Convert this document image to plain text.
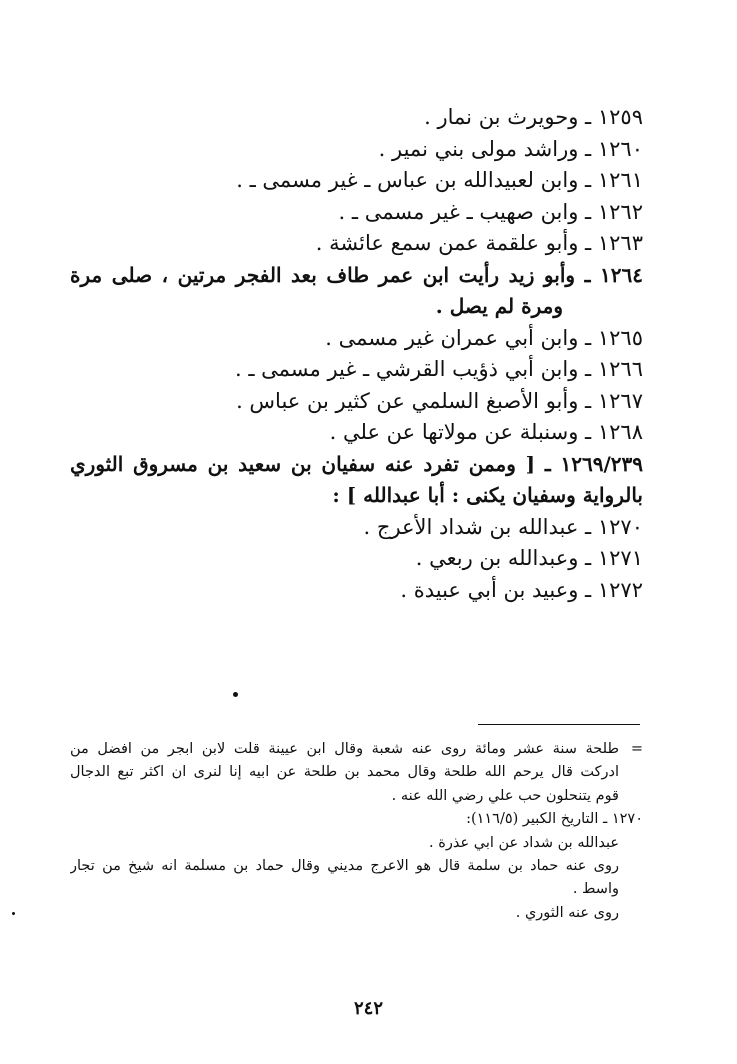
١٢٥٩ ـ وحويرث بن نمار .
١٢٦٠ ـ وراشد مولى بني نمير .
١٢٦١ ـ وابن لعبيدالله بن عباس ـ غير مسمى ـ .
١٢٦٢ ـ وابن صهيب ـ غير مسمى ـ .
١٢٦٣ ـ وأبو علقمة عمن سمع عائشة .
١٢٦٤ ـ وأبو زيد رأيت ابن عمر طاف بعد الفجر مرتين ، صلى مرة
ومرة لم يصل .
١٢٦٥ ـ وابن أبي عمران غير مسمى .
١٢٦٦ ـ وابن أبي ذؤيب القرشي ـ غير مسمى ـ .
١٢٦٧ ـ وأبو الأصبغ السلمي عن كثير بن عباس .
١٢٦٨ ـ وسنبلة عن مولاتها عن علي .
١٢٦٩/٢٣٩ ـ [ وممن تفرد عنه سفيان بن سعيد بن مسروق الثوري
بالرواية وسفيان يكنى : أبا عبدالله ] :
١٢٧٠ ـ عبدالله بن شداد الأعرج .
١٢٧١ ـ وعبدالله بن ربعي .
١٢٧٢ ـ وعبيد بن أبي عبيدة .
=طلحة سنة عشر ومائة روى عنه شعبة وقال ابن عيينة قلت لابن ابجر من افضل من
ادركت قال يرحم الله طلحة وقال محمد بن طلحة عن ابيه إنا لنرى ان اكثر تبع الدجال
قوم يتنحلون حب علي رضي الله عنه .
١٢٧٠ ـ التاريخ الكبير (١١٦/٥):
عبدالله بن شداد عن ابي عذرة .
روى عنه حماد بن سلمة قال هو الاعرج مديني وقال حماد بن مسلمة انه شيخ من تجار
واسط .
روى عنه الثوري .
٢٤٢
